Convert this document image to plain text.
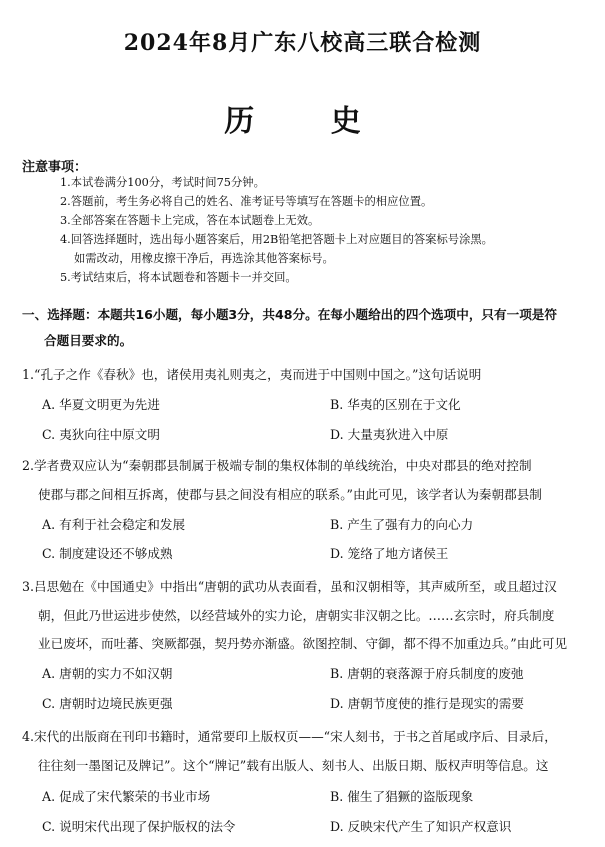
2024年8月广东八校高三联合检测
历 史
注意事项：
1.本试卷满分100分，考试时间75分钟。
2.答题前，考生务必将自己的姓名、准考证号等填写在答题卡的相应位置。
3.全部答案在答题卡上完成，答在本试题卷上无效。
4.回答选择题时，选出每小题答案后，用2B铅笔把答题卡上对应题目的答案标号涂黑。
如需改动，用橡皮擦干净后，再选涂其他答案标号。
5.考试结束后，将本试题卷和答题卡一并交回。
一、选择题：本题共16小题，每小题3分，共48分。在每小题给出的四个选项中，只有一项是符
合题目要求的。
1.“孔子之作《春秋》也，诸侯用夷礼则夷之，夷而进于中国则中国之。”这句话说明
A. 华夏文明更为先进	B. 华夷的区别在于文化
C. 夷狄向往中原文明	D. 大量夷狄进入中原
2.学者费双应认为“秦朝郡县制属于极端专制的集权体制的单线统治，中央对郡县的绝对控制
使郡与郡之间相互拆离，使郡与县之间没有相应的联系。”由此可见，该学者认为秦朝郡县制
A. 有利于社会稳定和发展	B. 产生了强有力的向心力
C. 制度建设还不够成熟	D. 笼络了地方诸侯王
3.吕思勉在《中国通史》中指出“唐朝的武功从表面看，虽和汉朝相等，其声威所至，或且超过汉
朝，但此乃世运进步使然，以经营域外的实力论，唐朝实非汉朝之比。……玄宗时，府兵制度
业已废坏，而吐蕃、突厥都强，契丹势亦渐盛。欲图控制、守御，都不得不加重边兵。”由此可见
A. 唐朝的实力不如汉朝	B. 唐朝的衰落源于府兵制度的废弛
C. 唐朝时边境民族更强	D. 唐朝节度使的推行是现实的需要
4.宋代的出版商在刊印书籍时，通常要印上版权页——“宋人刻书，于书之首尾或序后、目录后，
往往刻一墨图记及牌记”。这个“牌记”载有出版人、刻书人、出版日期、版权声明等信息。这
A. 促成了宋代繁荣的书业市场	B. 催生了猖獗的盗版现象
C. 说明宋代出现了保护版权的法令	D. 反映宋代产生了知识产权意识
